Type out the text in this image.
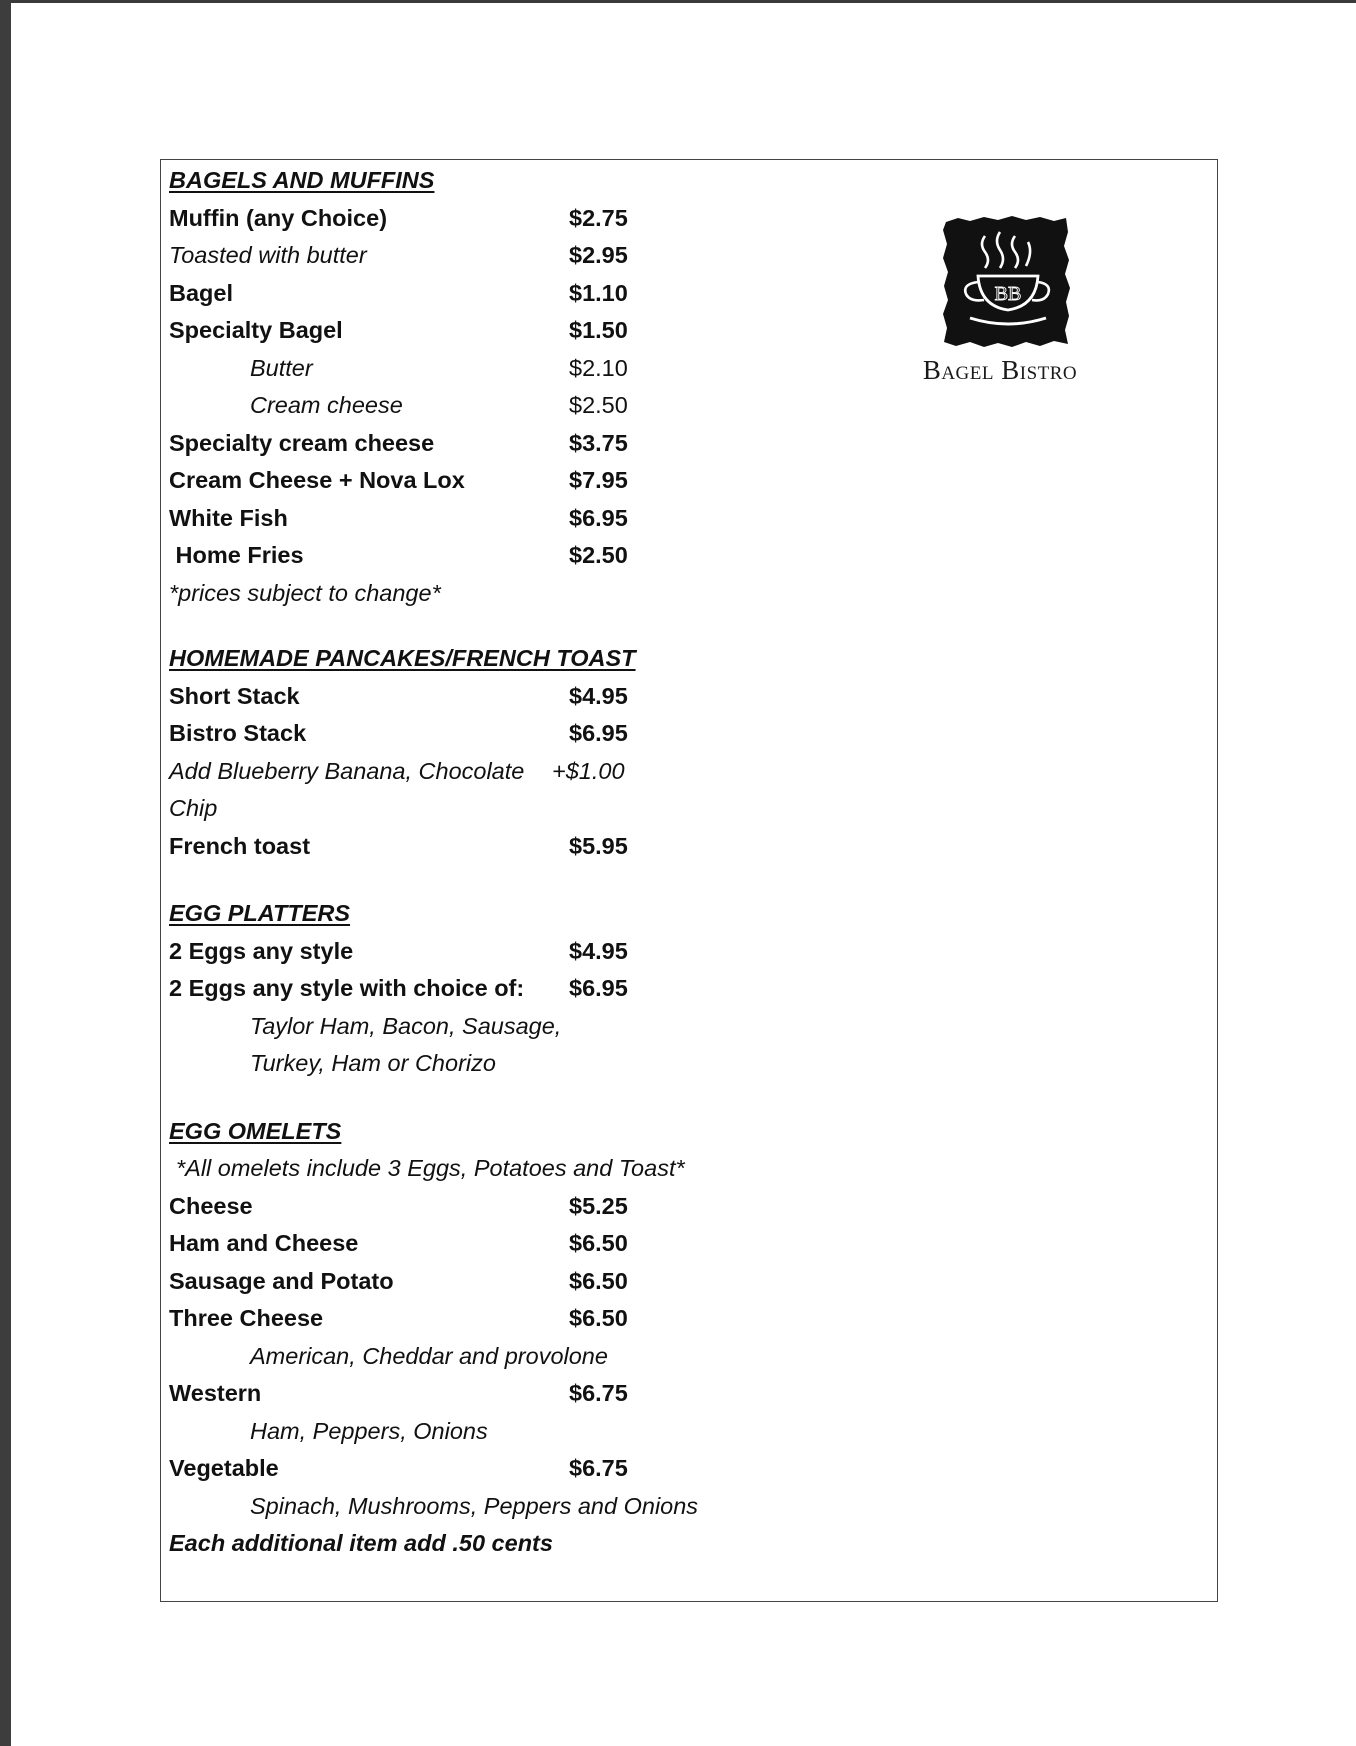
BAGELS AND MUFFINS
Muffin (any Choice)	$2.75
Toasted with butter	$2.95
Bagel	$1.10
Specialty Bagel	$1.50
Butter	$2.10
Cream cheese	$2.50
Specialty cream cheese	$3.75
Cream Cheese + Nova Lox	$7.95
White Fish	$6.95
Home Fries	$2.50
*prices subject to change*
HOMEMADE PANCAKES/FRENCH TOAST
Short Stack	$4.95
Bistro Stack	$6.95
Add Blueberry Banana, Chocolate	+$1.00
Chip
French toast	$5.95
EGG PLATTERS
2 Eggs any style	$4.95
2 Eggs any style with choice of:	$6.95
Taylor Ham, Bacon, Sausage,
Turkey, Ham or Chorizo
EGG OMELETS
*All omelets include 3 Eggs, Potatoes and Toast*
Cheese	$5.25
Ham and Cheese	$6.50
Sausage and Potato	$6.50
Three Cheese	$6.50
American, Cheddar and provolone
Western	$6.75
Ham, Peppers, Onions
Vegetable	$6.75
Spinach, Mushrooms, Peppers and Onions
Each additional item add .50 cents
BB
Bagel Bistro
